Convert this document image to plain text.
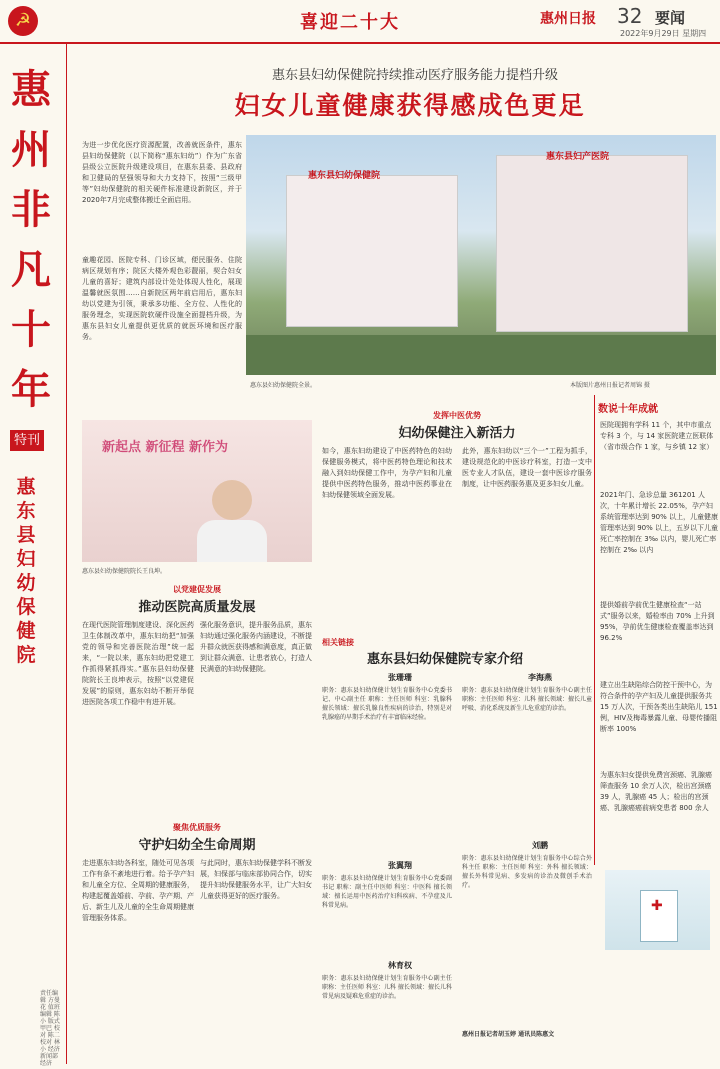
☭	喜迎二十大	惠州日报 32 要闻
2022年9月29日 星期四
惠州非凡十年
特刊
惠东县妇幼保健院
责任编辑 方曼 花 值班编辑 陈小 版式 甲巴 校对 陈二 校对 林小 经济新闻部 经济
惠东县妇幼保健院持续推动医疗服务能力提档升级
妇女儿童健康获得感成色更足
为进一步优化医疗资源配置，改善就医条件，惠东县妇幼保健院（以下简称“惠东妇幼”）作为广东省县级公立医院升级建设项目，在惠东县委、县政府和卫健局的坚强领导和大力支持下，按照“三级甲等”妇幼保健院的相关硬件标准建设新院区，并于2020年7月完成整体搬迁全面启用。
童趣花园、医院专科、门诊区域，便民服务、住院病区规划有序；院区大楼外观色彩靓丽，契合妇女儿童的喜好；建筑内部设计处处体现人性化，展现温馨就医氛围……自新院区两年前启用后，惠东妇幼以党建为引领，秉承多功能、全方位、人性化的服务理念，实现医院软硬件设施全面提档升级，为惠东县妇女儿童提供更优质的就医环境和医疗服务。
惠东县妇幼保健院
惠东县妇产医院
惠东县妇幼保健院全景。	本版图片惠州日报记者周锦 摄
新起点 新征程 新作为
惠东县妇幼保健院院长王良坤。
以党建促发展
推动医院高质量发展
在现代医院管理制度建设、深化医药卫生体制改革中，惠东妇幼把“加强党的领导和完善医院治理”统一起来，“一院以来，惠东妇幼把党建工作抓得紧抓得实。”惠东县妇幼保健院院长王良坤表示，按照“以党建促发展”的原则，惠东妇幼不断开举促进医院各项工作稳中有进开展。
强化服务意识，提升服务品质，惠东妇幼通过强化服务内涵建设，不断提升群众就医获得感和满意度，真正做到让群众满意、让患者放心，打造人民满意的妇幼保健院。
聚焦优质服务
守护妇幼全生命周期
走进惠东妇幼各科室，随处可见各项工作有条不紊地进行着。给予孕产妇和儿童全方位、全周期的健康服务，构建起覆盖婚前、孕前、孕产期、产后、新生儿及儿童的全生命周期健康管理服务体系。
与此同时，惠东妇幼保健学科不断发展，妇保部与临床部协同合作，切实提升妇幼保健服务水平，让广大妇女儿童获得更好的医疗服务。
发挥中医优势
妇幼保健注入新活力
如今，惠东妇幼建设了中医药特色的妇幼保健服务模式，将中医药特色理论和技术融入到妇幼保健工作中，为孕产妇和儿童提供中医药特色服务，推动中医药事业在妇幼保健领域全面发展。
此外，惠东妇幼以“三个一”工程为抓手，建设规范化的中医诊疗科室，打造一支中医专业人才队伍，建设一套中医诊疗服务制度，让中医药服务惠及更多妇女儿童。
数说十年成就
医院现拥有学科 11 个，其中市重点专科 3 个，与 14 家医院建立医联体（省市级合作 1 家，与乡镇 12 家）
2021年门、急诊总量 361201 人次，十年累计增长 22.05%，孕产妇系统管理率达到 90% 以上，儿童健康管理率达到 90% 以上，五岁以下儿童死亡率控制在 3‰ 以内，婴儿死亡率控制在 2‰ 以内
提供婚前孕前优生健康检查“一站式”服务以来，婚检率由 70% 上升到 95%，孕前优生健康检查覆盖率达到 96.2%
建立出生缺陷综合防控干预中心，为符合条件的孕产妇及儿童提供服务共 15 万人次，干预各类出生缺陷儿 151 例，HIV及梅毒暴露儿童、母婴传播阻断率 100%
为惠东妇女提供免费宫颈癌、乳腺癌筛查服务 10 余万人次，检出宫颈癌 39 人，乳腺癌 45 人；检出的宫颈癌、乳腺癌癌前病变患者 800 余人
✚
相关链接
惠东县妇幼保健院专家介绍
张珊珊
职务：惠东县妇幼保健计划生育服务中心党委书记、中心副主任 职称：主任医师 科室：乳腺科 擅长领域：擅长乳腺良性疾病的诊治，特别是对乳腺癌的早期手术治疗有丰富临床经验。
李海燕
职务：惠东县妇幼保健计划生育服务中心副主任 职称：主任医师 科室：儿科 擅长领域：擅长儿童呼吸、消化系统及新生儿危重症的诊治。
张翼翔
职务：惠东县妇幼保健计划生育服务中心党委副书记 职称：副主任中医师 科室：中医科 擅长领域：擅长运用中医药治疗妇科疾病、不孕症及儿科常见病。
刘鹏
职务：惠东县妇幼保健计划生育服务中心综合外科主任 职称：主任医师 科室：外科 擅长领域：擅长外科常见病、多发病的诊治及微创手术治疗。
林育权
职务：惠东县妇幼保健计划生育服务中心副主任 职称：主任医师 科室：儿科 擅长领域：擅长儿科常见病及疑难危重症的诊治。
惠州日报记者胡玉婷 通讯员陈惠文
